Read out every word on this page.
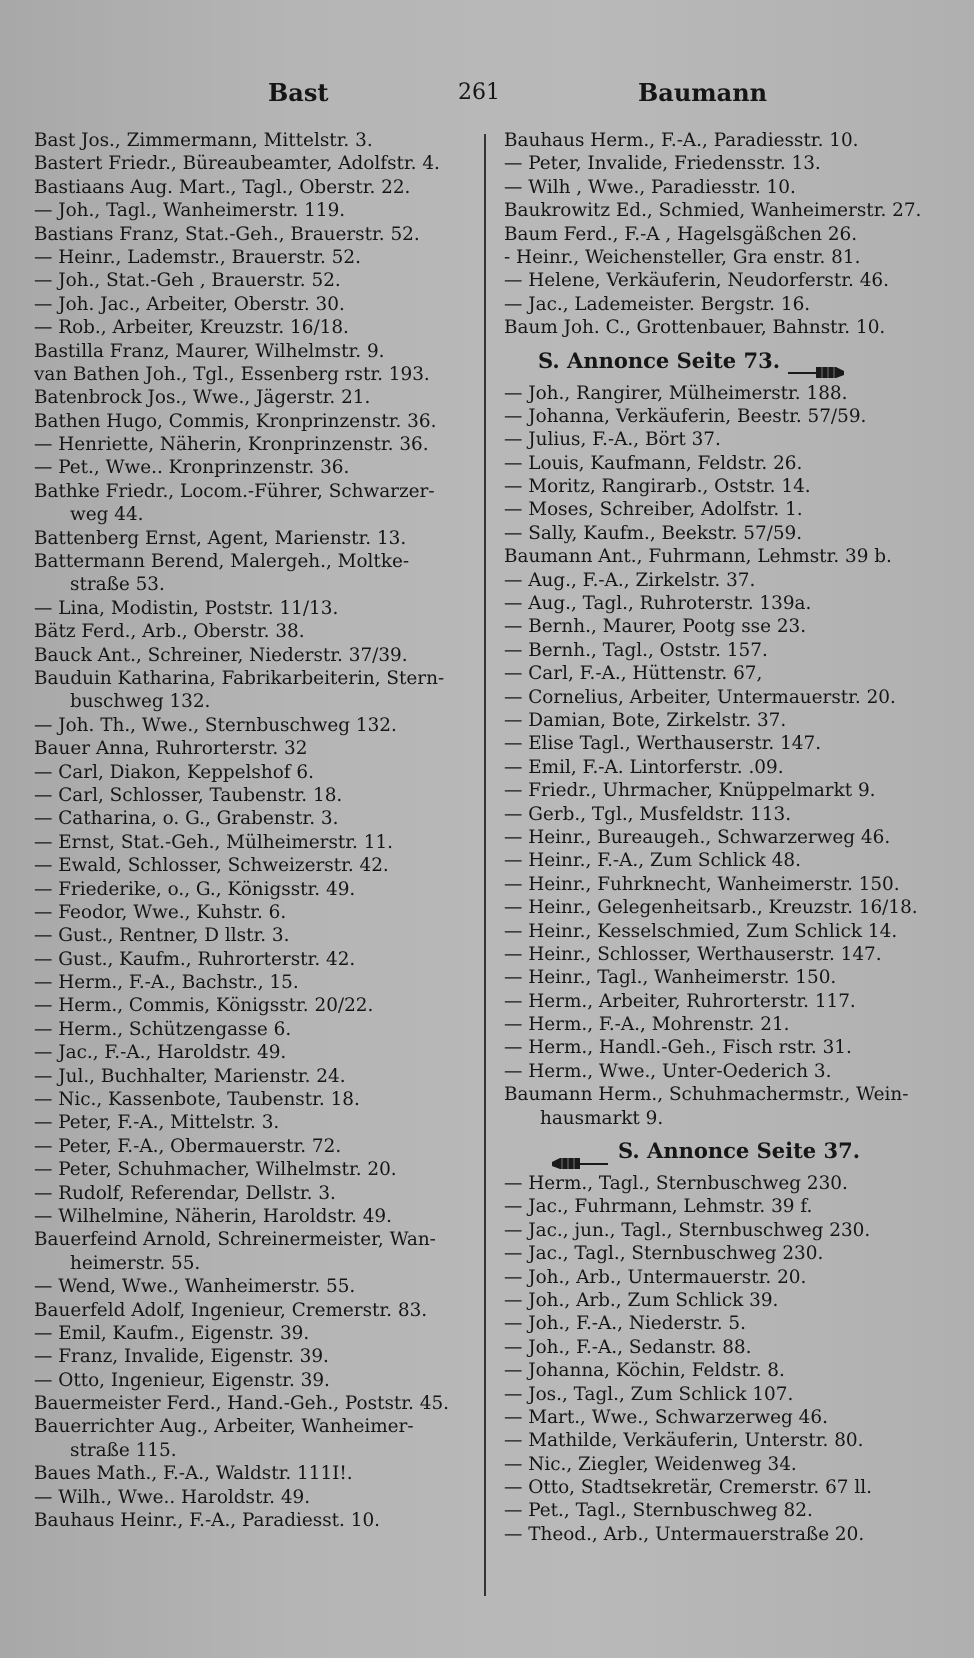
Bast	261	Baumann
Bast Jos., Zimmermann, Mittelstr. 3.
Bastert Friedr., Büreaubeamter, Adolfstr. 4.
Bastiaans Aug. Mart., Tagl., Oberstr. 22.
— Joh., Tagl., Wanheimerstr. 119.
Bastians Franz, Stat.-Geh., Brauerstr. 52.
— Heinr., Lademstr., Brauerstr. 52.
— Joh., Stat.-Geh , Brauerstr. 52.
— Joh. Jac., Arbeiter, Oberstr. 30.
— Rob., Arbeiter, Kreuzstr. 16/18.
Bastilla Franz, Maurer, Wilhelmstr. 9.
van Bathen Joh., Tgl., Essenberg rstr. 193.
Batenbrock Jos., Wwe., Jägerstr. 21.
Bathen Hugo, Commis, Kronprinzenstr. 36.
— Henriette, Näherin, Kronprinzenstr. 36.
— Pet., Wwe.. Kronprinzenstr. 36.
Bathke Friedr., Locom.-Führer, Schwarzer-
weg 44.
Battenberg Ernst, Agent, Marienstr. 13.
Battermann Berend, Malergeh., Moltke-
straße 53.
— Lina, Modistin, Poststr. 11/13.
Bätz Ferd., Arb., Oberstr. 38.
Bauck Ant., Schreiner, Niederstr. 37/39.
Bauduin Katharina, Fabrikarbeiterin, Stern-
buschweg 132.
— Joh. Th., Wwe., Sternbuschweg 132.
Bauer Anna, Ruhrorterstr. 32
— Carl, Diakon, Keppelshof 6.
— Carl, Schlosser, Taubenstr. 18.
— Catharina, o. G., Grabenstr. 3.
— Ernst, Stat.-Geh., Mülheimerstr. 11.
— Ewald, Schlosser, Schweizerstr. 42.
— Friederike, o., G., Königsstr. 49.
— Feodor, Wwe., Kuhstr. 6.
— Gust., Rentner, D llstr. 3.
— Gust., Kaufm., Ruhrorterstr. 42.
— Herm., F.-A., Bachstr., 15.
— Herm., Commis, Königsstr. 20/22.
— Herm., Schützengasse 6.
— Jac., F.-A., Haroldstr. 49.
— Jul., Buchhalter, Marienstr. 24.
— Nic., Kassenbote, Taubenstr. 18.
— Peter, F.-A., Mittelstr. 3.
— Peter, F.-A., Obermauerstr. 72.
— Peter, Schuhmacher, Wilhelmstr. 20.
— Rudolf, Referendar, Dellstr. 3.
— Wilhelmine, Näherin, Haroldstr. 49.
Bauerfeind Arnold, Schreinermeister, Wan-
heimerstr. 55.
— Wend, Wwe., Wanheimerstr. 55.
Bauerfeld Adolf, Ingenieur, Cremerstr. 83.
— Emil, Kaufm., Eigenstr. 39.
— Franz, Invalide, Eigenstr. 39.
— Otto, Ingenieur, Eigenstr. 39.
Bauermeister Ferd., Hand.-Geh., Poststr. 45.
Bauerrichter Aug., Arbeiter, Wanheimer-
straße 115.
Baues Math., F.-A., Waldstr. 111I!.
— Wilh., Wwe.. Haroldstr. 49.
Bauhaus Heinr., F.-A., Paradiesst. 10.
Bauhaus Herm., F.-A., Paradiesstr. 10.
— Peter, Invalide, Friedensstr. 13.
— Wilh , Wwe., Paradiesstr. 10.
Baukrowitz Ed., Schmied, Wanheimerstr. 27.
Baum Ferd., F.-A , Hagelsgäßchen 26.
- Heinr., Weichensteller, Gra enstr. 81.
— Helene, Verkäuferin, Neudorferstr. 46.
— Jac., Lademeister. Bergstr. 16.
Baum Joh. C., Grottenbauer, Bahnstr. 10.
S. Annonce Seite 73.
— Joh., Rangirer, Mülheimerstr. 188.
— Johanna, Verkäuferin, Beestr. 57/59.
— Julius, F.-A., Bört 37.
— Louis, Kaufmann, Feldstr. 26.
— Moritz, Rangirarb., Oststr. 14.
— Moses, Schreiber, Adolfstr. 1.
— Sally, Kaufm., Beekstr. 57/59.
Baumann Ant., Fuhrmann, Lehmstr. 39 b.
— Aug., F.-A., Zirkelstr. 37.
— Aug., Tagl., Ruhroterstr. 139a.
— Bernh., Maurer, Pootg sse 23.
— Bernh., Tagl., Oststr. 157.
— Carl, F.-A., Hüttenstr. 67,
— Cornelius, Arbeiter, Untermauerstr. 20.
— Damian, Bote, Zirkelstr. 37.
— Elise Tagl., Werthauserstr. 147.
— Emil, F.-A. Lintorferstr. .09.
— Friedr., Uhrmacher, Knüppelmarkt 9.
— Gerb., Tgl., Musfeldstr. 113.
— Heinr., Bureaugeh., Schwarzerweg 46.
— Heinr., F.-A., Zum Schlick 48.
— Heinr., Fuhrknecht, Wanheimerstr. 150.
— Heinr., Gelegenheitsarb., Kreuzstr. 16/18.
— Heinr., Kesselschmied, Zum Schlick 14.
— Heinr., Schlosser, Werthauserstr. 147.
— Heinr., Tagl., Wanheimerstr. 150.
— Herm., Arbeiter, Ruhrorterstr. 117.
— Herm., F.-A., Mohrenstr. 21.
— Herm., Handl.-Geh., Fisch rstr. 31.
— Herm., Wwe., Unter-Oederich 3.
Baumann Herm., Schuhmachermstr., Wein-
hausmarkt 9.
S. Annonce Seite 37.
— Herm., Tagl., Sternbuschweg 230.
— Jac., Fuhrmann, Lehmstr. 39 f.
— Jac., jun., Tagl., Sternbuschweg 230.
— Jac., Tagl., Sternbuschweg 230.
— Joh., Arb., Untermauerstr. 20.
— Joh., Arb., Zum Schlick 39.
— Joh., F.-A., Niederstr. 5.
— Joh., F.-A., Sedanstr. 88.
— Johanna, Köchin, Feldstr. 8.
— Jos., Tagl., Zum Schlick 107.
— Mart., Wwe., Schwarzerweg 46.
— Mathilde, Verkäuferin, Unterstr. 80.
— Nic., Ziegler, Weidenweg 34.
— Otto, Stadtsekretär, Cremerstr. 67 ll.
— Pet., Tagl., Sternbuschweg 82.
— Theod., Arb., Untermauerstraße 20.
